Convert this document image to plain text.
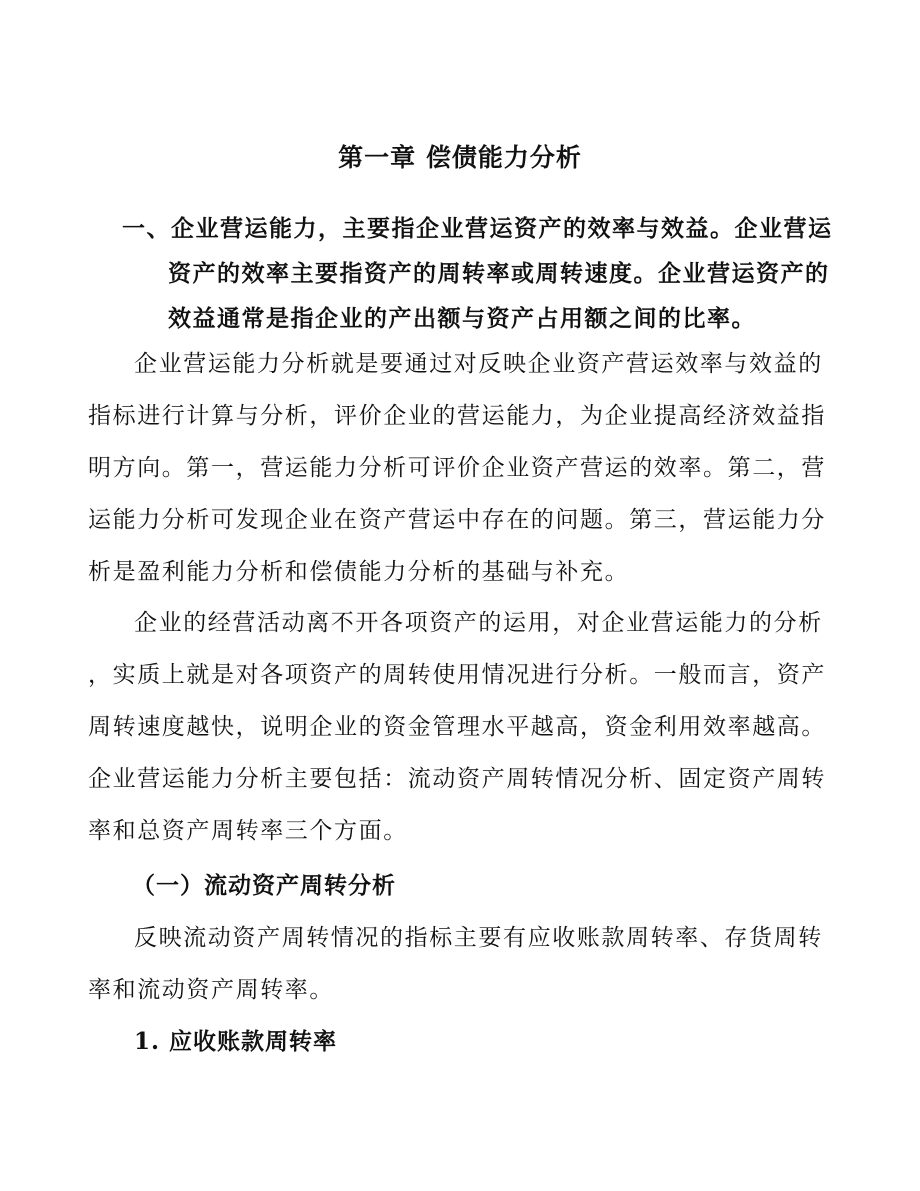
第一章 偿债能力分析
一、企业营运能力，主要指企业营运资产的效率与效益。企业营运
资产的效率主要指资产的周转率或周转速度。企业营运资产的
效益通常是指企业的产出额与资产占用额之间的比率。

企业营运能力分析就是要通过对反映企业资产营运效率与效益的
指标进行计算与分析，评价企业的营运能力，为企业提高经济效益指
明方向。第一，营运能力分析可评价企业资产营运的效率。第二，营
运能力分析可发现企业在资产营运中存在的问题。第三，营运能力分
析是盈利能力分析和偿债能力分析的基础与补充。

企业的经营活动离不开各项资产的运用，对企业营运能力的分析
，实质上就是对各项资产的周转使用情况进行分析。一般而言，资产
周转速度越快，说明企业的资金管理水平越高，资金利用效率越高。
企业营运能力分析主要包括：流动资产周转情况分析、固定资产周转
率和总资产周转率三个方面。

（一）流动资产周转分析

反映流动资产周转情况的指标主要有应收账款周转率、存货周转
率和流动资产周转率。

1. 应收账款周转率
